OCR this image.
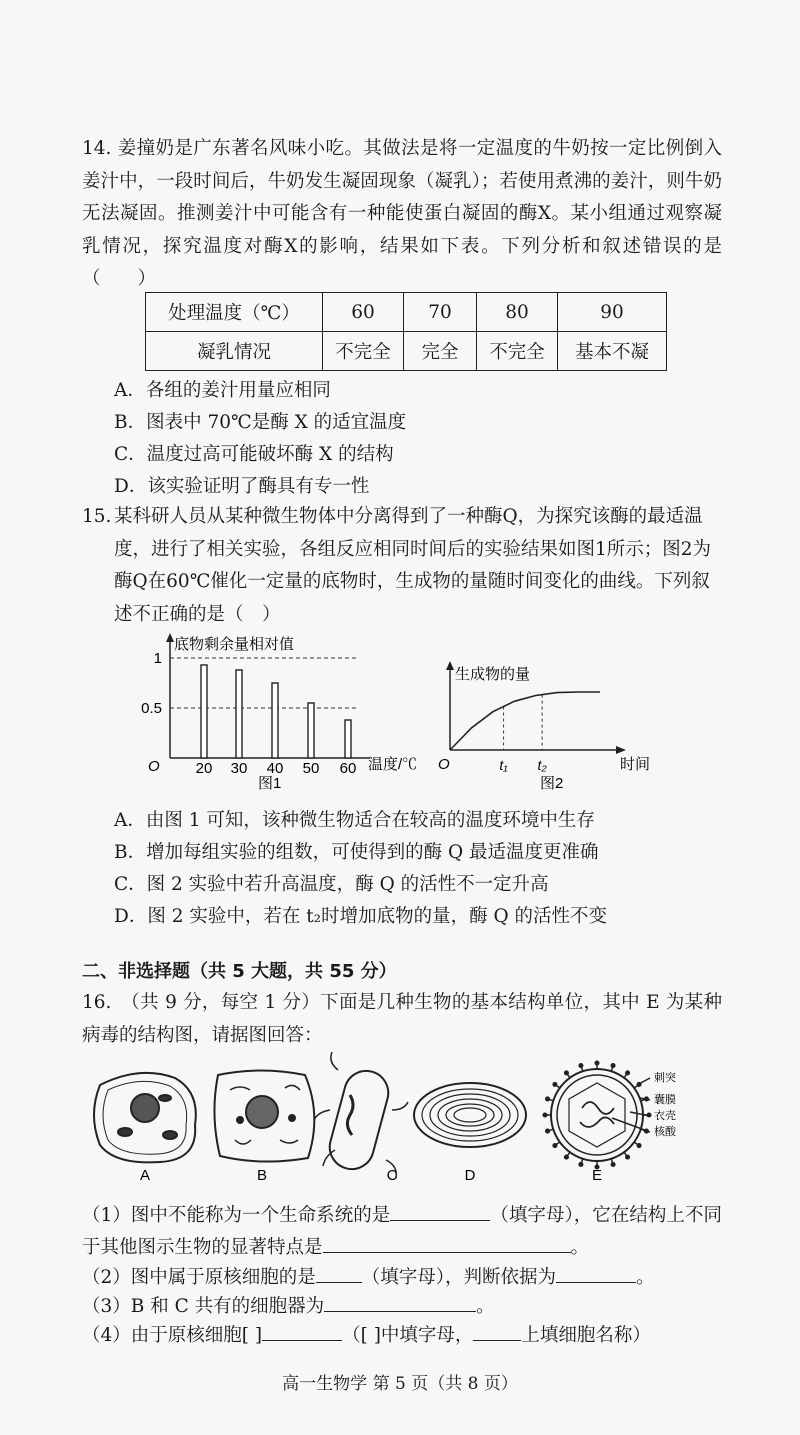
14. 姜撞奶是广东著名风味小吃。其做法是将一定温度的牛奶按一定比例倒入姜汁中，一段时间后，牛奶发生凝固现象（凝乳）；若使用煮沸的姜汁，则牛奶无法凝固。推测姜汁中可能含有一种能使蛋白凝固的酶X。某小组通过观察凝乳情况，探究温度对酶X的影响，结果如下表。下列分析和叙述错误的是（　　）
处理温度（℃）	60	70	80	90
凝乳情况	不完全	完全	不完全	基本不凝
A．各组的姜汁用量应相同
B．图表中 70℃是酶 X 的适宜温度
C．温度过高可能破坏酶 X 的结构
D．该实验证明了酶具有专一性
15. 某科研人员从某种微生物体中分离得到了一种酶Q，为探究该酶的最适温度，进行了相关实验，各组反应相同时间后的实验结果如图1所示；图2为酶Q在60℃催化一定量的底物时，生成物的量随时间变化的曲线。下列叙述不正确的是（　）
底物剩余量相对值
温度/℃
O
图1
1
0.5
20 30 40 50 60
生成物的量
时间
O
图2
t₁ t₂
A．由图 1 可知，该种微生物适合在较高的温度环境中生存
B．增加每组实验的组数，可使得到的酶 Q 最适温度更准确
C．图 2 实验中若升高温度，酶 Q 的活性不一定升高
D．图 2 实验中，若在 t₂时增加底物的量，酶 Q 的活性不变
二、非选择题（共 5 大题，共 55 分）
16.　（共 9 分，每空 1 分）下面是几种生物的基本结构单位，其中 E 为某种病毒的结构图，请据图回答：
A	B	C	D
刺突
囊膜
衣壳
核酸
E
（1）图中不能称为一个生命系统的是	（填字母），它在结构上不同于其他图示生物的显著特点是	。
（2）图中属于原核细胞的是 （填字母），判断依据为	。
（3）B 和 C 共有的细胞器为	。
（4）由于原核细胞[ ]	（[ ]中填字母，	上填细胞名称）
高一生物学 第 5 页（共 8 页）
